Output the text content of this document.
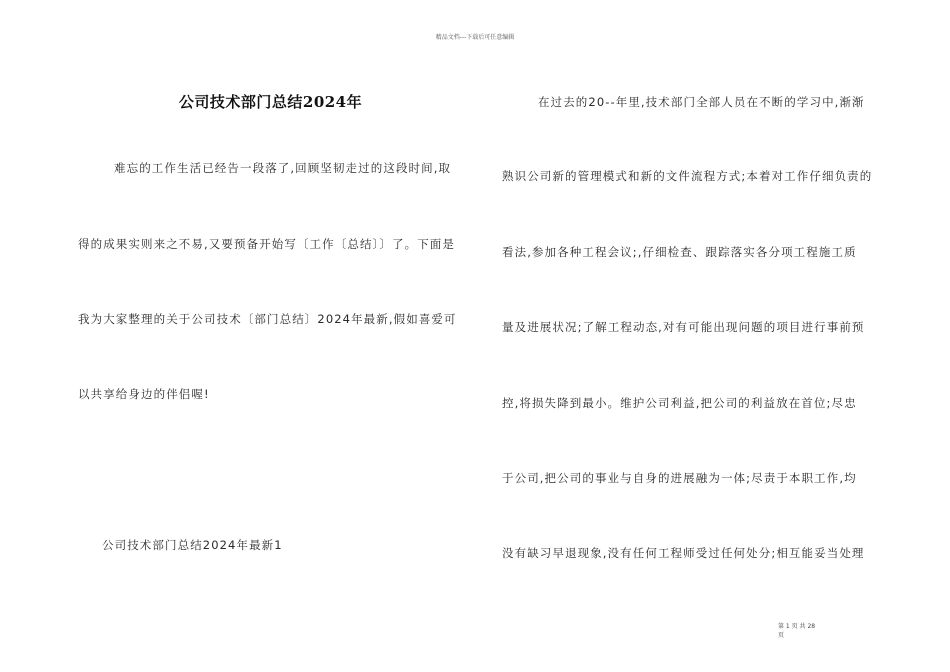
精品文档---下载后可任意编辑
公司技术部门总结2024年
难忘的工作生活已经告一段落了,回顾坚韧走过的这段时间,取
得的成果实则来之不易,又要预备开始写〔工作〔总结〕〕了。下面是
我为大家整理的关于公司技术〔部门总结〕2024年最新,假如喜爱可
以共享给身边的伴侣喔!
公司技术部门总结2024年最新1
在过去的20--年里,技术部门全部人员在不断的学习中,渐渐
熟识公司新的管理模式和新的文件流程方式;本着对工作仔细负责的
看法,参加各种工程会议;,仔细检查、跟踪落实各分项工程施工质
量及进展状况;了解工程动态,对有可能出现问题的项目进行事前预
控,将损失降到最小。维护公司利益,把公司的利益放在首位;尽忠
于公司,把公司的事业与自身的进展融为一体;尽责于本职工作,均
没有缺习早退现象,没有任何工程师受过任何处分;相互能妥当处理
第 1 页 共 28
页
